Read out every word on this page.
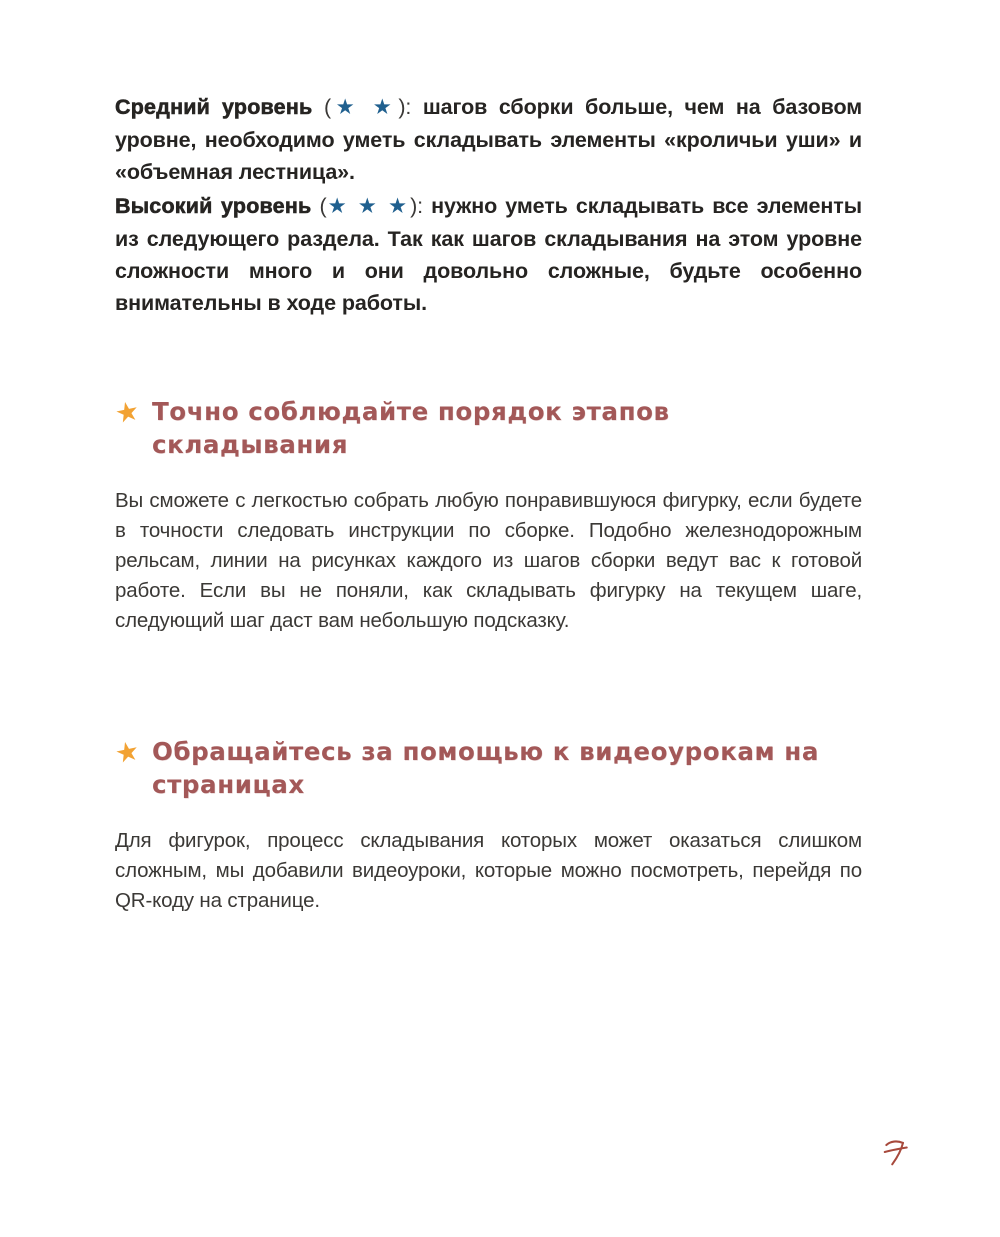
Средний уровень (★ ★): шагов сборки больше, чем на базовом уровне, необходимо уметь складывать элементы «кроличьи уши» и «объемная лестница».

Высокий уровень (★ ★ ★): нужно уметь складывать все элементы из следующего раздела. Так как шагов складывания на этом уровне сложности много и они довольно сложные, будьте особенно внимательны в ходе работы.

★ Точно соблюдайте порядок этапов складывания

Вы сможете с легкостью собрать любую понравившуюся фигурку, если будете в точности следовать инструкции по сборке. Подобно железнодорожным рельсам, линии на рисунках каждого из шагов сборки ведут вас к готовой работе. Если вы не поняли, как складывать фигурку на текущем шаге, следующий шаг даст вам небольшую подсказку.

★ Обращайтесь за помощью к видеоурокам на страницах

Для фигурок, процесс складывания которых может оказаться слишком сложным, мы добавили видеоуроки, которые можно посмотреть, перейдя по QR-коду на странице.
